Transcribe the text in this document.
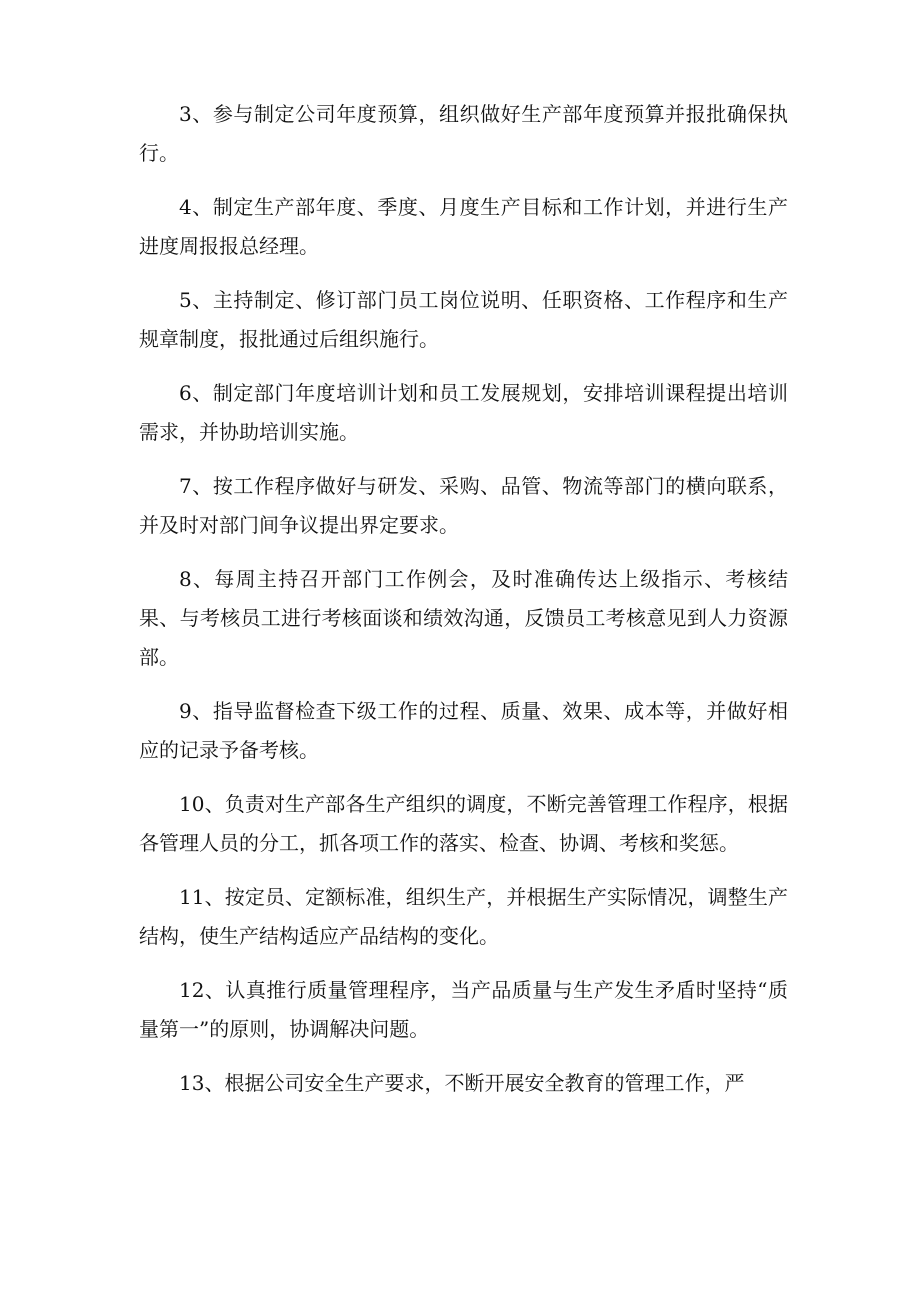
3、参与制定公司年度预算，组织做好生产部年度预算并报批确保执行。

4、制定生产部年度、季度、月度生产目标和工作计划，并进行生产进度周报报总经理。

5、主持制定、修订部门员工岗位说明、任职资格、工作程序和生产规章制度，报批通过后组织施行。

6、制定部门年度培训计划和员工发展规划，安排培训课程提出培训需求，并协助培训实施。

7、按工作程序做好与研发、采购、品管、物流等部门的横向联系，并及时对部门间争议提出界定要求。

8、每周主持召开部门工作例会，及时准确传达上级指示、考核结果、与考核员工进行考核面谈和绩效沟通，反馈员工考核意见到人力资源部。

9、指导监督检查下级工作的过程、质量、效果、成本等，并做好相应的记录予备考核。

10、负责对生产部各生产组织的调度，不断完善管理工作程序，根据各管理人员的分工，抓各项工作的落实、检查、协调、考核和奖惩。

11、按定员、定额标准，组织生产，并根据生产实际情况，调整生产结构，使生产结构适应产品结构的变化。

12、认真推行质量管理程序，当产品质量与生产发生矛盾时坚持“质量第一”的原则，协调解决问题。

13、根据公司安全生产要求，不断开展安全教育的管理工作，严
